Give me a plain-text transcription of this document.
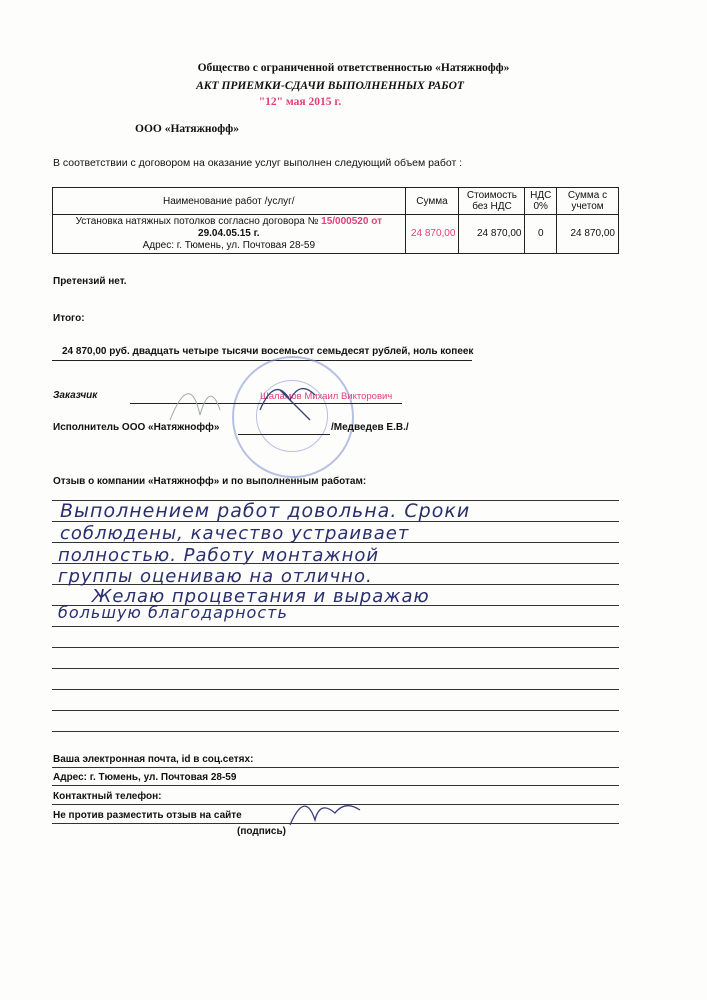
Общество с ограниченной ответственностью «Натяжнофф»
АКТ ПРИЕМКИ-СДАЧИ ВЫПОЛНЕННЫХ РАБОТ
"12" мая 2015 г.
ООО «Натяжнофф»
В соответствии с договором на оказание услуг выполнен следующий объем работ :
Наименование работ /услуг/	Сумма	Стоимость без НДС	НДС 0%	Сумма с учетом
Установка натяжных потолков согласно договора № 15/000520 от
29.04.05.15 г.
Адрес: г. Тюмень, ул. Почтовая 28-59	24 870,00	24 870,00	0	24 870,00
Претензий нет.
Итого:
24 870,00 руб. двадцать четыре тысячи восемьсот семьдесят рублей, ноль копеек
Заказчик	Шаламов Михаил Викторович
Исполнитель ООО «Натяжнофф»	/Медведев Е.В./
Отзыв о компании «Натяжнофф» и по выполненным работам:
Выполнением работ довольна. Сроки
соблюдены, качество устраивает
полностью. Работу монтажной
группы оцениваю на отлично.
Желаю процветания и выражаю
большую благодарность
Ваша электронная почта, id в соц.сетях:
Адрес: г. Тюмень, ул. Почтовая 28-59
Контактный телефон:
Не против разместить отзыв на сайте
(подпись)
